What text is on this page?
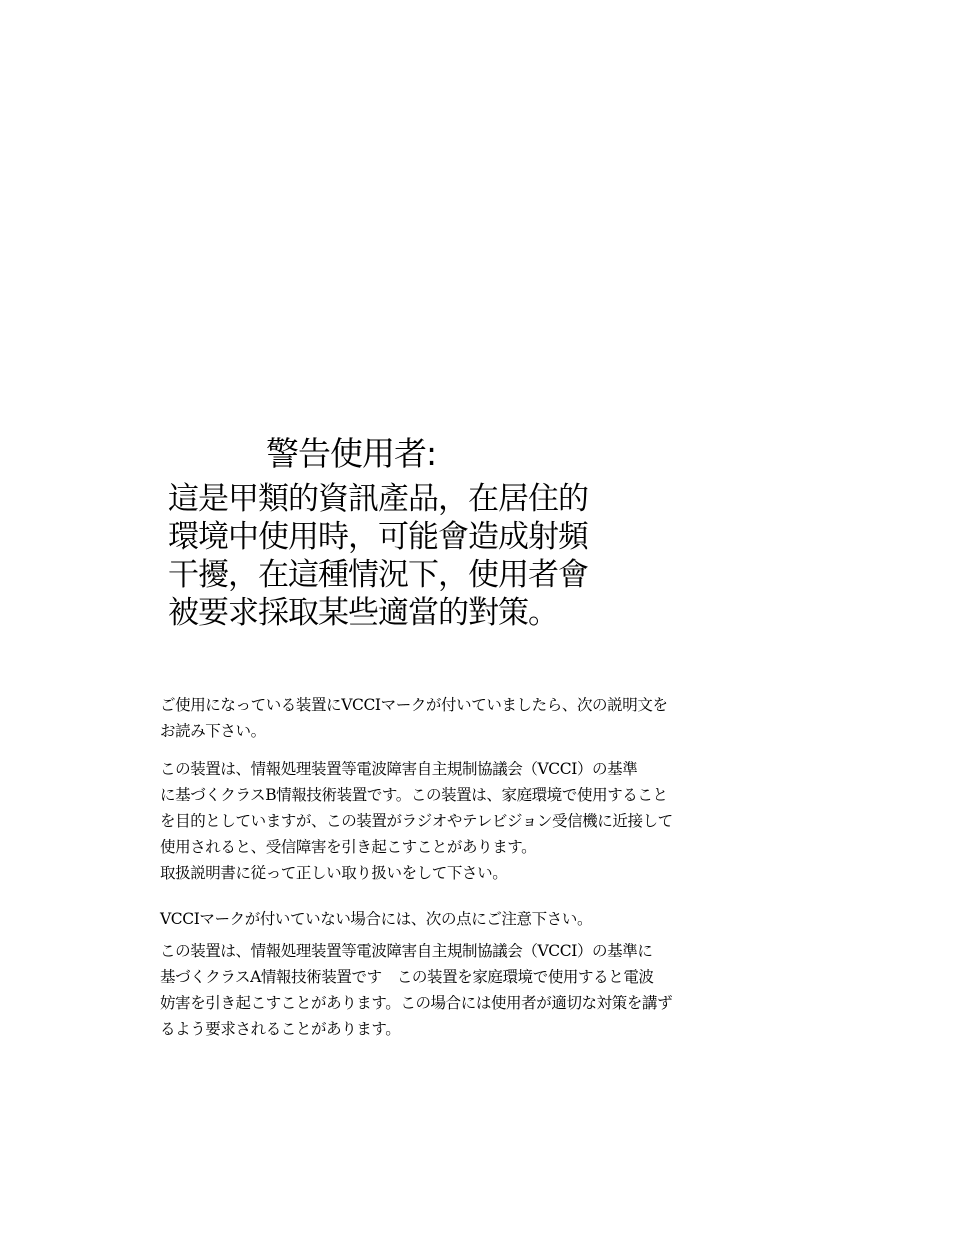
警告使用者:
這是甲類的資訊產品，在居住的
環境中使用時，可能會造成射頻
干擾，在這種情況下，使用者會
被要求採取某些適當的對策。
ご使用になっている装置にVCCIマークが付いていましたら、次の説明文を
お読み下さい。
この装置は、情報処理装置等電波障害自主規制協議会（VCCI）の基準
に基づくクラスB情報技術装置です。この装置は、家庭環境で使用すること
を目的としていますが、この装置がラジオやテレビジョン受信機に近接して
使用されると、受信障害を引き起こすことがあります。
取扱説明書に従って正しい取り扱いをして下さい。
VCCIマークが付いていない場合には、次の点にご注意下さい。
この装置は、情報処理装置等電波障害自主規制協議会（VCCI）の基準に
基づくクラスA情報技術装置です　この装置を家庭環境で使用すると電波
妨害を引き起こすことがあります。この場合には使用者が適切な対策を講ず
るよう要求されることがあります。
